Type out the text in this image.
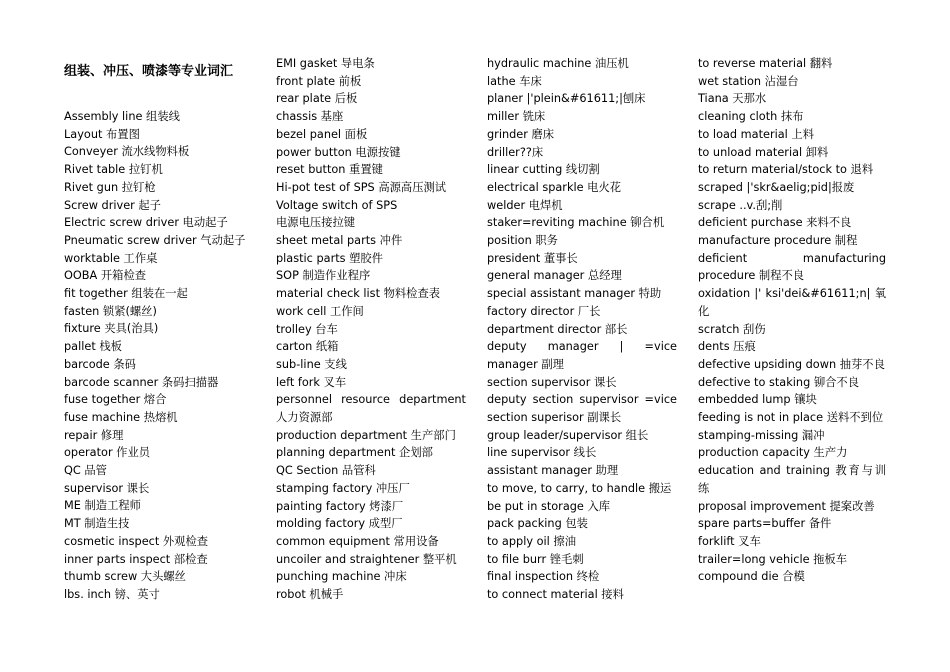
组装、冲压、喷漆等专业词汇
Assembly line 组装线
Layout 布置图
Conveyer 流水线物料板
Rivet table 拉钉机
Rivet gun 拉钉枪
Screw driver 起子
Electric screw driver 电动起子
Pneumatic screw driver 气动起子
worktable 工作桌
OOBA 开箱检查
fit together 组装在一起
fasten 锁紧(螺丝)
fixture 夹具(治具)
pallet 栈板
barcode 条码
barcode scanner 条码扫描器
fuse together 熔合
fuse machine 热熔机
repair 修理
operator 作业员
QC 品管
supervisor 课长
ME 制造工程师
MT 制造生技
cosmetic inspect 外观检查
inner parts inspect 部检查
thumb screw 大头螺丝
lbs. inch 镑、英寸
EMI gasket 导电条
front plate 前板
rear plate 后板
chassis 基座
bezel panel 面板
power button 电源按键
reset button 重置键
Hi-pot test of SPS 高源高压测试
Voltage switch of SPS
电源电压接拉键
sheet metal parts 冲件
plastic parts 塑胶件
SOP 制造作业程序
material check list 物料检查表
work cell 工作间
trolley 台车
carton 纸箱
sub-line 支线
left fork 叉车
personnel resource department 人力资源部
production department 生产部门
planning department 企划部
QC Section 品管科
stamping factory 冲压厂
painting factory 烤漆厂
molding factory 成型厂
common equipment 常用设备
uncoiler and straightener 整平机
punching machine 冲床
robot 机械手
hydraulic machine 油压机
lathe 车床
planer |'plein&#61611;|刨床
miller 铣床
grinder 磨床
driller??床
linear cutting 线切割
electrical sparkle 电火花
welder 电焊机
staker=reviting machine 铆合机
position 职务
president 董事长
general manager 总经理
special assistant manager 特助
factory director 厂长
department director 部长
deputy manager | =vice manager 副理
section supervisor 课长
deputy section supervisor =vice section superisor 副课长
group leader/supervisor 组长
line supervisor 线长
assistant manager 助理
to move, to carry, to handle 搬运
be put in storage 入库
pack packing 包装
to apply oil 擦油
to file burr 锉毛刺
final inspection 终检
to connect material 接料
to reverse material 翻料
wet station 沾湿台
Tiana 天那水
cleaning cloth 抹布
to load material 上料
to unload material 卸料
to return material/stock to 退料
scraped |'skr&aelig;pid|报废
scrape ..v.刮;削
deficient purchase 来料不良
manufacture procedure 制程
deficient manufacturing procedure 制程不良
oxidation |' ksi'dei&#61611;n| 氧化
scratch 刮伤
dents 压痕
defective upsiding down 抽芽不良
defective to staking 铆合不良
embedded lump 镶块
feeding is not in place 送料不到位
stamping-missing 漏冲
production capacity 生产力
education and training 教育与训练
proposal improvement 提案改善
spare parts=buffer 备件
forklift 叉车
trailer=long vehicle 拖板车
compound die 合模
